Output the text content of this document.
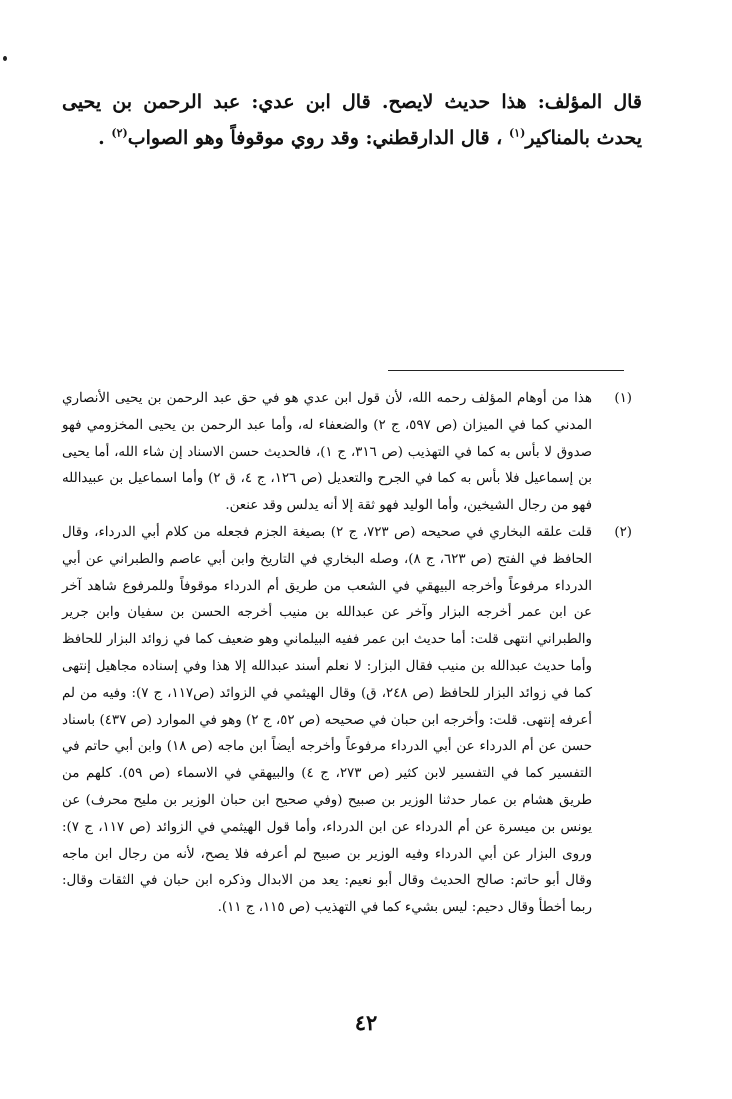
قال المؤلف: هذا حديث لايصح. قال ابن عدي: عبد الرحمن بن يحيى يحدث بالمناكير$^{(١)}$ ، قال الدارقطني: وقد روي موقوفاً وهو الصواب$^{(٢)}$ .

(١)
هذا من أوهام المؤلف رحمه الله، لأن قول ابن عدي هو في حق عبد الرحمن بن يحيى الأنصاري المدني كما في الميزان (ص ٥٩٧، ج ٢) والضعفاء له، وأما عبد الرحمن بن يحيى المخزومي فهو صدوق لا بأس به كما في التهذيب (ص ٣١٦، ج ١)، فالحديث حسن الاسناد إن شاء الله، أما يحيى بن إسماعيل فلا بأس به كما في الجرح والتعديل (ص ١٢٦، ج ٤، ق ٢) وأما اسماعيل بن عبيدالله فهو من رجال الشيخين، وأما الوليد فهو ثقة إلا أنه يدلس وقد عنعن.
(٢)
قلت علقه البخاري في صحيحه (ص ٧٢٣، ج ٢) بصيغة الجزم فجعله من كلام أبي الدرداء، وقال الحافظ في الفتح (ص ٦٢٣، ج ٨)، وصله البخاري في التاريخ وابن أبي عاصم والطبراني عن أبي الدرداء مرفوعاً وأخرجه البيهقي في الشعب من طريق أم الدرداء موقوفاً وللمرفوع شاهد آخر عن ابن عمر أخرجه البزار وآخر عن عبدالله بن منيب أخرجه الحسن بن سفيان وابن جرير والطبراني انتهى قلت: أما حديث ابن عمر ففيه البيلماني وهو ضعيف كما في زوائد البزار للحافظ وأما حديث عبدالله بن منيب فقال البزار: لا نعلم أسند عبدالله إلا هذا وفي إسناده مجاهيل إنتهى كما في زوائد البزار للحافظ (ص ٢٤٨، ق) وقال الهيثمي في الزوائد (ص١١٧، ج ٧): وفيه من لم أعرفه إنتهى. قلت: وأخرجه ابن حبان في صحيحه (ص ٥٢، ج ٢) وهو في الموارد (ص ٤٣٧) باسناد حسن عن أم الدرداء عن أبي الدرداء مرفوعاً وأخرجه أيضاً ابن ماجه (ص ١٨) وابن أبي حاتم في التفسير كما في التفسير لابن كثير (ص ٢٧٣، ج ٤) والبيهقي في الاسماء (ص ٥٩). كلهم من طريق هشام بن عمار حدثنا الوزير بن صبيح (وفي صحيح ابن حبان الوزير بن مليح محرف) عن يونس بن ميسرة عن أم الدرداء عن ابن الدرداء، وأما قول الهيثمي في الزوائد (ص ١١٧، ج ٧): وروى البزار عن أبي الدرداء وفيه الوزير بن صبيح لم أعرفه فلا يصح، لأنه من رجال ابن ماجه وقال أبو حاتم: صالح الحديث وقال أبو نعيم: يعد من الابدال وذكره ابن حبان في الثقات وقال: ربما أخطأ وقال دحيم: ليس بشيء كما في التهذيب (ص ١١٥، ج ١١).
٤٢
